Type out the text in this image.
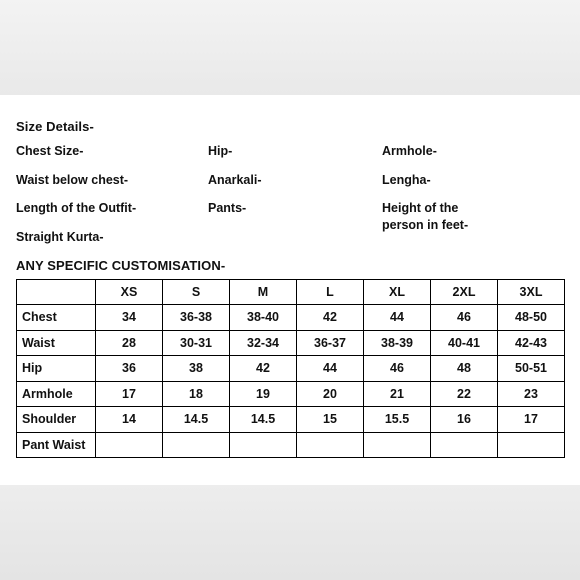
Size Details-
Chest Size-	Hip-	Armhole-
Waist below chest-	Anarkali-	Lengha-
Length of the Outfit-	Pants-	Height of the
person in feet-
Straight Kurta-
ANY SPECIFIC CUSTOMISATION-
	XS	S	M	L	XL	2XL	3XL
Chest	34	36-38	38-40	42	44	46	48-50
Waist	28	30-31	32-34	36-37	38-39	40-41	42-43
Hip	36	38	42	44	46	48	50-51
Armhole	17	18	19	20	21	22	23
Shoulder	14	14.5	14.5	15	15.5	16	17
Pant Waist							
